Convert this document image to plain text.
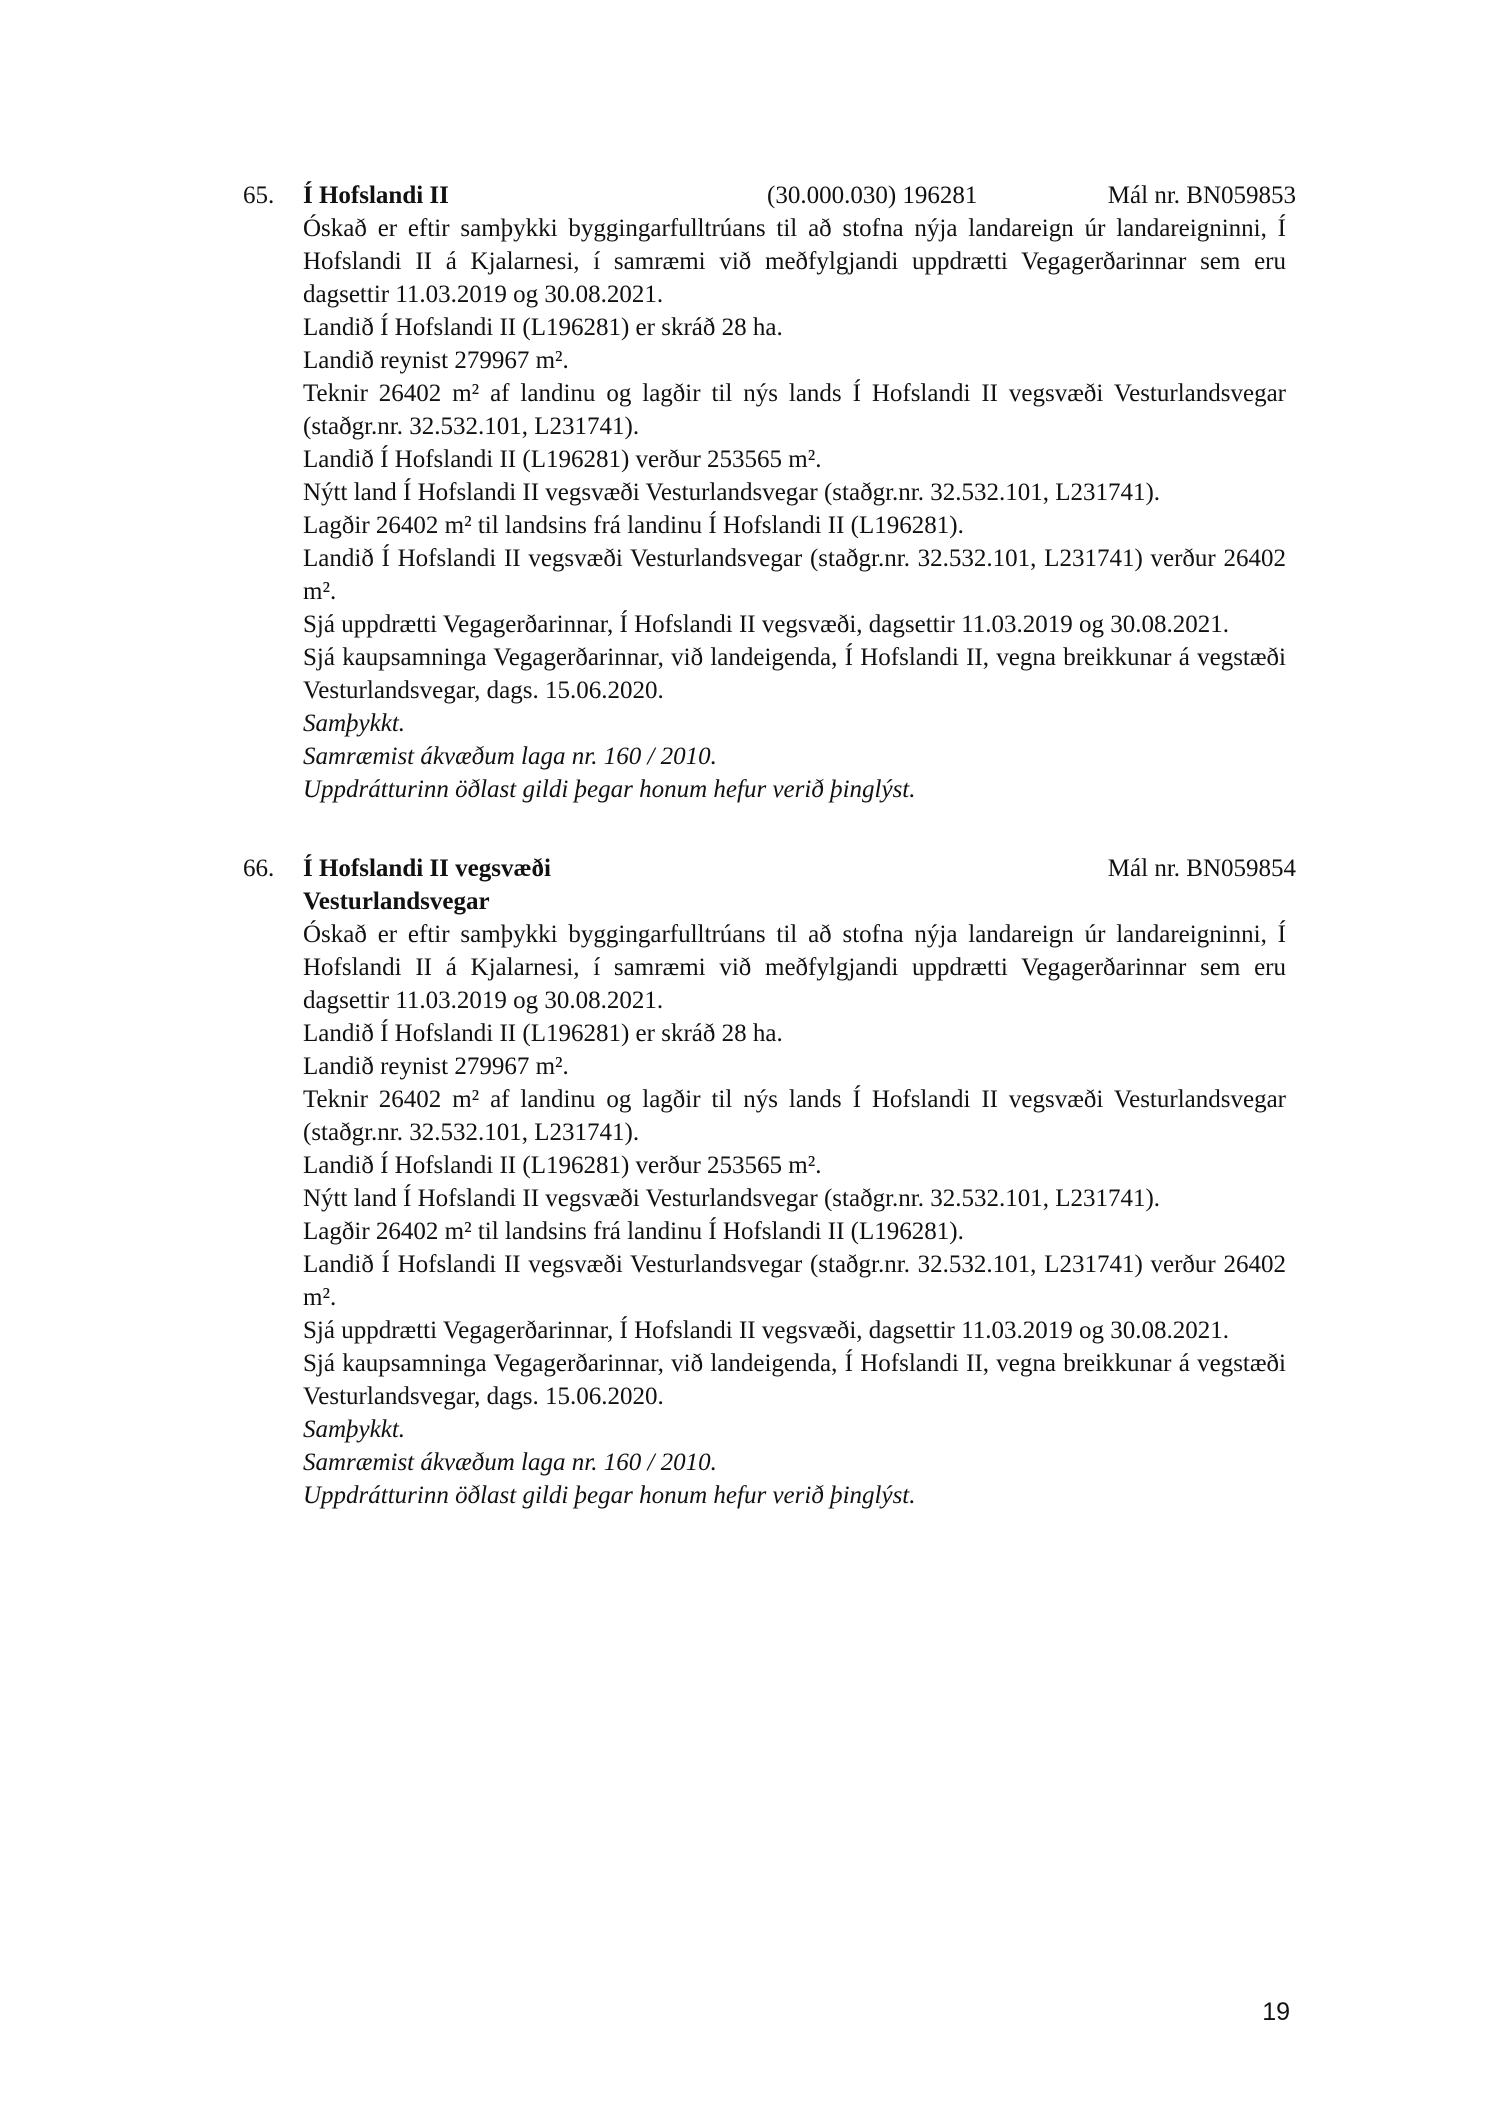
65. Í Hofslandi II	(30.000.030) 196281	Mál nr. BN059853

Óskað er eftir samþykki byggingarfulltrúans til að stofna nýja landareign úr landareigninni, Í Hofslandi II á Kjalarnesi, í samræmi við meðfylgjandi uppdrætti Vegagerðarinnar sem eru dagsettir 11.03.2019 og 30.08.2021.

Landið Í Hofslandi II (L196281) er skráð 28 ha.

Landið reynist 279967 m².

Teknir 26402 m² af landinu og lagðir til nýs lands Í Hofslandi II vegsvæði Vesturlandsvegar (staðgr.nr. 32.532.101, L231741).

Landið Í Hofslandi II (L196281) verður 253565 m².

Nýtt land Í Hofslandi II vegsvæði Vesturlandsvegar (staðgr.nr. 32.532.101, L231741).

Lagðir 26402 m² til landsins frá landinu Í Hofslandi II (L196281).

Landið Í Hofslandi II vegsvæði Vesturlandsvegar (staðgr.nr. 32.532.101, L231741) verður 26402 m².

Sjá uppdrætti Vegagerðarinnar, Í Hofslandi II vegsvæði, dagsettir 11.03.2019 og 30.08.2021.

Sjá kaupsamninga Vegagerðarinnar, við landeigenda, Í Hofslandi II, vegna breikkunar á vegstæði Vesturlandsvegar, dags. 15.06.2020.

Samþykkt.

Samræmist ákvæðum laga nr. 160 / 2010.

Uppdrátturinn öðlast gildi þegar honum hefur verið þinglýst.

66. Í Hofslandi II vegsvæði Vesturlandsvegar
Mál nr. BN059854

Óskað er eftir samþykki byggingarfulltrúans til að stofna nýja landareign úr landareigninni, Í Hofslandi II á Kjalarnesi, í samræmi við meðfylgjandi uppdrætti Vegagerðarinnar sem eru dagsettir 11.03.2019 og 30.08.2021.

Landið Í Hofslandi II (L196281) er skráð 28 ha.

Landið reynist 279967 m².

Teknir 26402 m² af landinu og lagðir til nýs lands Í Hofslandi II vegsvæði Vesturlandsvegar (staðgr.nr. 32.532.101, L231741).

Landið Í Hofslandi II (L196281) verður 253565 m².

Nýtt land Í Hofslandi II vegsvæði Vesturlandsvegar (staðgr.nr. 32.532.101, L231741).

Lagðir 26402 m² til landsins frá landinu Í Hofslandi II (L196281).

Landið Í Hofslandi II vegsvæði Vesturlandsvegar (staðgr.nr. 32.532.101, L231741) verður 26402 m².

Sjá uppdrætti Vegagerðarinnar, Í Hofslandi II vegsvæði, dagsettir 11.03.2019 og 30.08.2021.

Sjá kaupsamninga Vegagerðarinnar, við landeigenda, Í Hofslandi II, vegna breikkunar á vegstæði Vesturlandsvegar, dags. 15.06.2020.

Samþykkt.

Samræmist ákvæðum laga nr. 160 / 2010.

Uppdrátturinn öðlast gildi þegar honum hefur verið þinglýst.

19
